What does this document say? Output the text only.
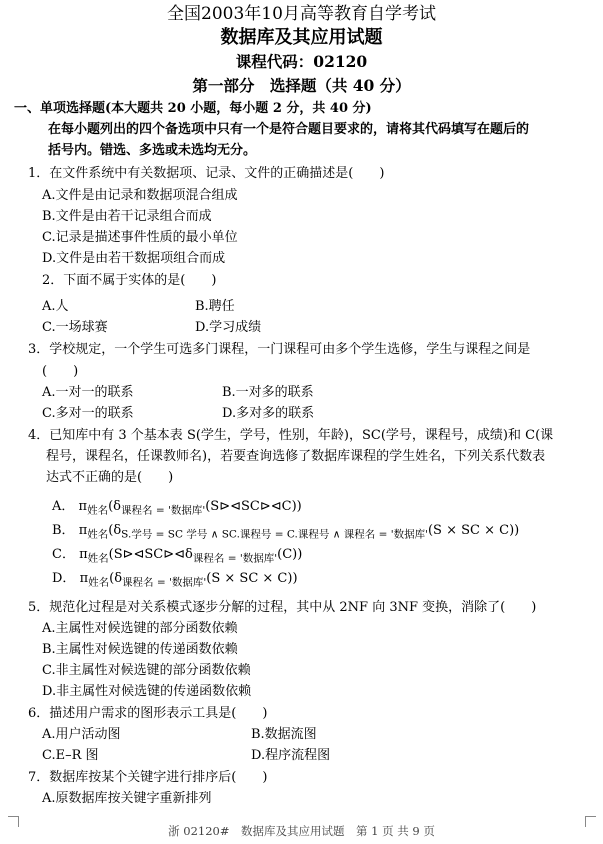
全国2003年10月高等教育自学考试
数据库及其应用试题
课程代码：02120
第一部分　选择题（共 40 分）
一、单项选择题(本大题共 20 小题，每小题 2 分，共 40 分)
在每小题列出的四个备选项中只有一个是符合题目要求的，请将其代码填写在题后的
括号内。错选、多选或未选均无分。
1．在文件系统中有关数据项、记录、文件的正确描述是(　　)
A.文件是由记录和数据项混合组成
B.文件是由若干记录组合而成
C.记录是描述事件性质的最小单位
D.文件是由若干数据项组合而成
2．下面不属于实体的是(　　)
A.人	B.聘任
C.一场球赛	D.学习成绩
3．学校规定，一个学生可选多门课程，一门课程可由多个学生选修，学生与课程之间是
(　　)
A.一对一的联系	B.一对多的联系
C.多对一的联系	D.多对多的联系
4．已知库中有 3 个基本表 S(学生，学号，性别，年龄)，SC(学号，课程号，成绩)和 C(课
程号，课程名，任课教师名)，若要查询选修了数据库课程的学生姓名，下列关系代数表
达式不正确的是(　　)
A． $\pi_{姓名}(\delta_{课程名 = '数据库'}(S⊳⊲SC⊳⊲C))$
B． $\pi_{姓名}(\delta_{S.学号 = SC 学号 \wedge SC.课程号 = C.课程号 \wedge 课程名 = '数据库'}(S$ × SC × C))
C． $\pi_{姓名}(S⊳⊲SC⊳⊲\delta_{课程名 = '数据库'}(C))$
D． $\pi_{姓名}(\delta_{课程名 = '数据库'}(S$ × SC × C))
5．规范化过程是对关系模式逐步分解的过程，其中从 2NF 向 3NF 变换，消除了(　　)
A.主属性对候选键的部分函数依赖
B.主属性对候选键的传递函数依赖
C.非主属性对候选键的部分函数依赖
D.非主属性对候选键的传递函数依赖
6．描述用户需求的图形表示工具是(　　)
A.用户活动图	B.数据流图
C.E–R 图	D.程序流程图
7．数据库按某个关键字进行排序后(　　)
A.原数据库按关键字重新排列
浙 02120#　数据库及其应用试题　第 1 页 共 9 页
